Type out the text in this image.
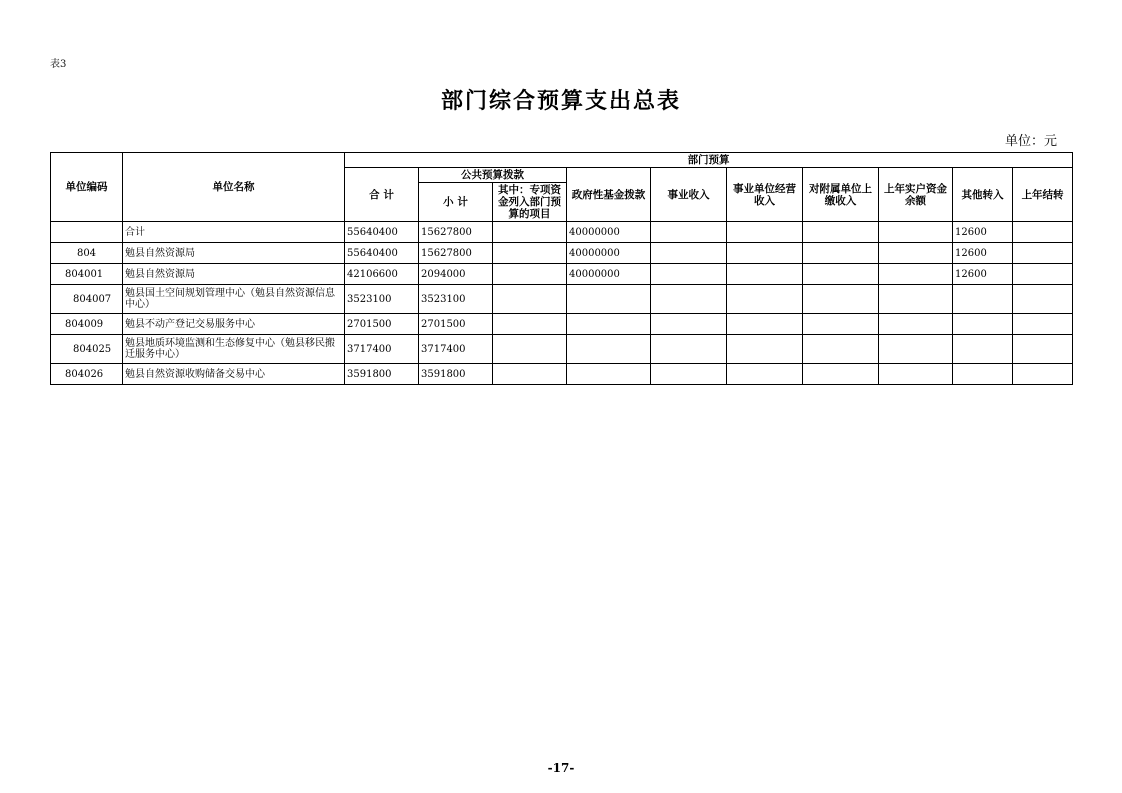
表3
部门综合预算支出总表
单位：元
单位编码	单位名称	部门预算									
		合 计	公共预算拨款		政府性基金拨款	事业收入	事业单位经营收入	对附属单位上缴收入	上年实户资金余额	其他转入	上年结转
			小 计	其中：专项资金列入部门预算的项目							
	合计	55640400	15627800		40000000					12600	
804	勉县自然资源局	55640400	15627800		40000000					12600	
804001	勉县自然资源局	42106600	2094000		40000000					12600	
804007	勉县国土空间规划管理中心（勉县自然资源信息中心）	3523100	3523100								
804009	勉县不动产登记交易服务中心	2701500	2701500								
804025	勉县地质环境监测和生态修复中心（勉县移民搬迁服务中心）	3717400	3717400								
804026	勉县自然资源收购储备交易中心	3591800	3591800								
-17-
